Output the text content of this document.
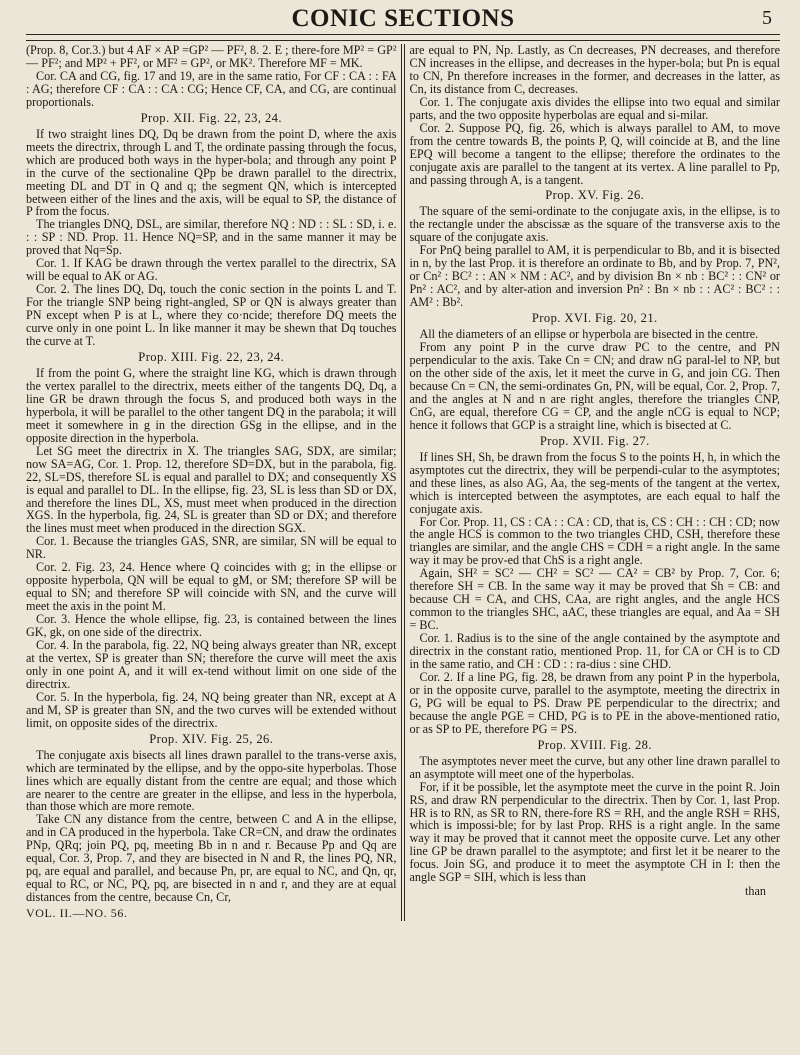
CONIC SECTIONS	5

(Prop. 8, Cor.3.) but 4 AF × AP =GP² — PF², 8. 2. E ; there-fore MP² = GP² — PF²; and MP² + PF², or MF² = GP², or MK². Therefore MF = MK.

Cor. CA and CG, fig. 17 and 19, are in the same ratio, For CF : CA : : FA : AG; therefore CF : CA : : CA : CG; Hence CF, CA, and CG, are continual proportionals.

Prop. XII. Fig. 22, 23, 24.

If two straight lines DQ, Dq be drawn from the point D, where the axis meets the directrix, through L and T, the ordinate passing through the focus, which are produced both ways in the hyper-bola; and through any point P in the curve of the sectionaline QPp be drawn parallel to the directrix, meeting DL and DT in Q and q; the segment QN, which is intercepted between either of the lines and the axis, will be equal to SP, the distance of P from the focus.

The triangles DNQ, DSL, are similar, therefore NQ : ND : : SL : SD, i. e. : : SP : ND. Prop. 11. Hence NQ=SP, and in the same manner it may be proved that Nq=Sp.

Cor. 1. If KAG be drawn through the vertex parallel to the directrix, SA will be equal to AK or AG.

Cor. 2. The lines DQ, Dq, touch the conic section in the points L and T. For the triangle SNP being right-angled, SP or QN is always greater than PN except when P is at L, where they co·ncide; therefore DQ meets the curve only in one point L. In like manner it may be shewn that Dq touches the curve at T.

Prop. XIII. Fig. 22, 23, 24.

If from the point G, where the straight line KG, which is drawn through the vertex parallel to the directrix, meets either of the tangents DQ, Dq, a line GR be drawn through the focus S, and produced both ways in the hyperbola, it will be parallel to the other tangent DQ in the parabola; it will meet it somewhere in g in the direction GSg in the ellipse, and in the opposite direction in the hyperbola.

Let SG meet the directrix in X. The triangles SAG, SDX, are similar; now SA=AG, Cor. 1. Prop. 12, therefore SD=DX, but in the parabola, fig. 22, SL=DS, therefore SL is equal and parallel to DX; and consequently XS is equal and parallel to DL. In the ellipse, fig. 23, SL is less than SD or DX, and therefore the lines DL, XS, must meet when produced in the direction XGS. In the hyperbola, fig. 24, SL is greater than SD or DX; and therefore the lines must meet when produced in the direction SGX.

Cor. 1. Because the triangles GAS, SNR, are similar, SN will be equal to NR.

Cor. 2. Fig. 23, 24. Hence where Q coincides with g; in the ellipse or opposite hyperbola, QN will be equal to gM, or SM; therefore SP will be equal to SN; and therefore SP will coincide with SN, and the curve will meet the axis in the point M.

Cor. 3. Hence the whole ellipse, fig. 23, is contained between the lines GK, gk, on one side of the directrix.

Cor. 4. In the parabola, fig. 22, NQ being always greater than NR, except at the vertex, SP is greater than SN; therefore the curve will meet the axis only in one point A, and it will ex-tend without limit on one side of the directrix.

Cor. 5. In the hyperbola, fig. 24, NQ being greater than NR, except at A and M, SP is greater than SN, and the two curves will be extended without limit, on opposite sides of the directrix.

Prop. XIV. Fig. 25, 26.

The conjugate axis bisects all lines drawn parallel to the trans-verse axis, which are terminated by the ellipse, and by the oppo-site hyperbolas. Those lines which are equally distant from the centre are equal; and those which are nearer to the centre are greater in the ellipse, and less in the hyperbola, than those which are more remote.

Take CN any distance from the centre, between C and A in the ellipse, and in CA produced in the hyperbola. Take CR=CN, and draw the ordinates PNp, QRq; join PQ, pq, meeting Bb in n and r. Because Pp and Qq are equal, Cor. 3, Prop. 7, and they are bisected in N and R, the lines PQ, NR, pq, are equal and parallel, and because Pn, pr, are equal to NC, and Qn, qr, equal to RC, or NC, PQ, pq, are bisected in n and r, and they are at equal distances from the centre, because Cn, Cr,

VOL. II.—NO. 56.

are equal to PN, Np. Lastly, as Cn decreases, PN decreases, and therefore CN increases in the ellipse, and decreases in the hyper-bola; but Pn is equal to CN, Pn therefore increases in the former, and decreases in the latter, as Cn, its distance from C, decreases.

Cor. 1. The conjugate axis divides the ellipse into two equal and similar parts, and the two opposite hyperbolas are equal and si-milar.

Cor. 2. Suppose PQ, fig. 26, which is always parallel to AM, to move from the centre towards B, the points P, Q, will coincide at B, and the line EPQ will become a tangent to the ellipse; therefore the ordinates to the conjugate axis are parallel to the tangent at its vertex. A line parallel to Pp, and passing through A, is a tangent.

Prop. XV. Fig. 26.

The square of the semi-ordinate to the conjugate axis, in the ellipse, is to the rectangle under the abscissæ as the square of the transverse axis to the square of the conjugate axis.

For PnQ being parallel to AM, it is perpendicular to Bb, and it is bisected in n, by the last Prop. it is therefore an ordinate to Bb, and by Prop. 7, PN², or Cn² : BC² : : AN × NM : AC², and by division Bn × nb : BC² : : CN² or Pn² : AC², and by alter-ation and inversion Pn² : Bn × nb : : AC² : BC² : : AM² : Bb².

Prop. XVI. Fig. 20, 21.

All the diameters of an ellipse or hyperbola are bisected in the centre.

From any point P in the curve draw PC to the centre, and PN perpendicular to the axis. Take Cn = CN; and draw nG paral-lel to NP, but on the other side of the axis, let it meet the curve in G, and join CG. Then because Cn = CN, the semi-ordinates Gn, PN, will be equal, Cor. 2, Prop. 7, and the angles at N and n are right angles, therefore the triangles CNP, CnG, are equal, therefore CG = CP, and the angle nCG is equal to NCP; hence it follows that GCP is a straight line, which is bisected at C.

Prop. XVII. Fig. 27.

If lines SH, Sh, be drawn from the focus S to the points H, h, in which the asymptotes cut the directrix, they will be perpendi-cular to the asymptotes; and these lines, as also AG, Aa, the seg-ments of the tangent at the vertex, which is intercepted between the asymptotes, are each equal to half the conjugate axis.

For Cor. Prop. 11, CS : CA : : CA : CD, that is, CS : CH : : CH : CD; now the angle HCS is common to the two triangles CHD, CSH, therefore these triangles are similar, and the angle CHS = CDH = a right angle. In the same way it may be prov-ed that ChS is a right angle.

Again, SH² = SC² — CH² = SC² — CA² = CB² by Prop. 7, Cor. 6; therefore SH = CB. In the same way it may be proved that Sh = CB: and because CH = CA, and CHS, CAa, are right angles, and the angle HCS common to the triangles SHC, aAC, these triangles are equal, and Aa = SH = BC.

Cor. 1. Radius is to the sine of the angle contained by the asymptote and directrix in the constant ratio, mentioned Prop. 11, for CA or CH is to CD in the same ratio, and CH : CD : : ra-dius : sine CHD.

Cor. 2. If a line PG, fig. 28, be drawn from any point P in the hyperbola, or in the opposite curve, parallel to the asymptote, meeting the directrix in G, PG will be equal to PS. Draw PE perpendicular to the directrix; and because the angle PGE = CHD, PG is to PE in the above-mentioned ratio, or as SP to PE, therefore PG = PS.

Prop. XVIII. Fig. 28.

The asymptotes never meet the curve, but any other line drawn parallel to an asymptote will meet one of the hyperbolas.

For, if it be possible, let the asymptote meet the curve in the point R. Join RS, and draw RN perpendicular to the directrix. Then by Cor. 1, last Prop. HR is to RN, as SR to RN, there-fore RS = RH, and the angle RSH = RHS, which is impossi-ble; for by last Prop. RHS is a right angle. In the same way it may be proved that it cannot meet the opposite curve. Let any other line GP be drawn parallel to the asymptote; and first let it be nearer to the focus. Join SG, and produce it to meet the asymptote CH in I: then the angle SGP = SIH, which is less than

than
